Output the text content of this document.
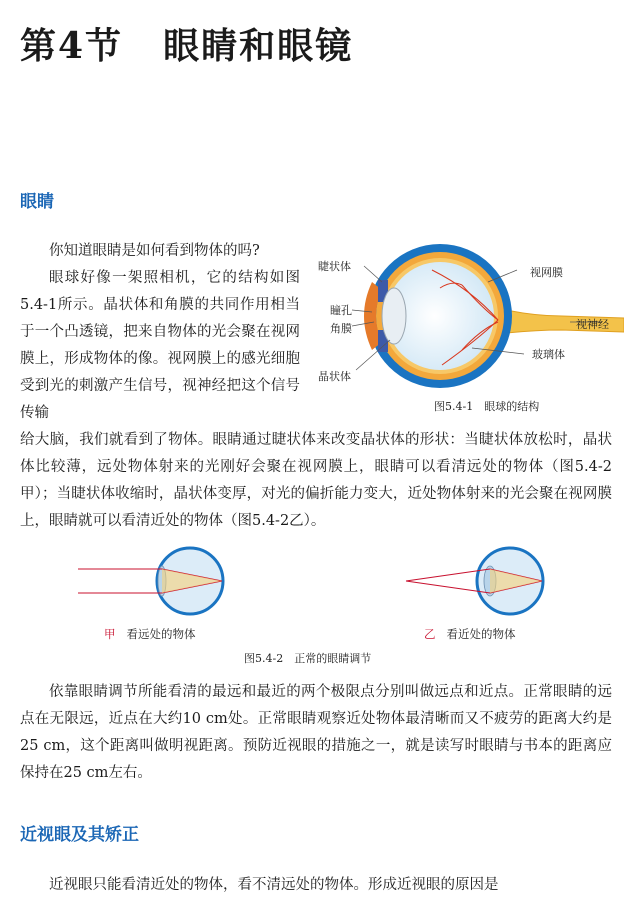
第4节 眼睛和眼镜
眼睛

你知道眼睛是如何看到物体的吗?

眼球好像一架照相机，它的结构如图5.4-1所示。晶状体和角膜的共同作用相当于一个凸透镜，把来自物体的光会聚在视网膜上，形成物体的像。视网膜上的感光细胞受到光的刺激产生信号，视神经把这个信号传输

睫状体
瞳孔
角膜
晶状体
视网膜
视神经
玻璃体
图5.4-1　眼球的结构

给大脑，我们就看到了物体。眼睛通过睫状体来改变晶状体的形状：当睫状体放松时，晶状体比较薄，远处物体射来的光刚好会聚在视网膜上，眼睛可以看清远处的物体（图5.4-2甲）；当睫状体收缩时，晶状体变厚，对光的偏折能力变大，近处物体射来的光会聚在视网膜上，眼睛就可以看清近处的物体（图5.4-2乙）。

甲 看远处的物体	乙 看近处的物体
图5.4-2　正常的眼睛调节

依靠眼睛调节所能看清的最远和最近的两个极限点分别叫做远点和近点。正常眼睛的远点在无限远，近点在大约10 cm处。正常眼睛观察近处物体最清晰而又不疲劳的距离大约是25 cm，这个距离叫做明视距离。预防近视眼的措施之一，就是读写时眼睛与书本的距离应保持在25 cm左右。

近视眼及其矫正

近视眼只能看清近处的物体，看不清远处的物体。形成近视眼的原因是
